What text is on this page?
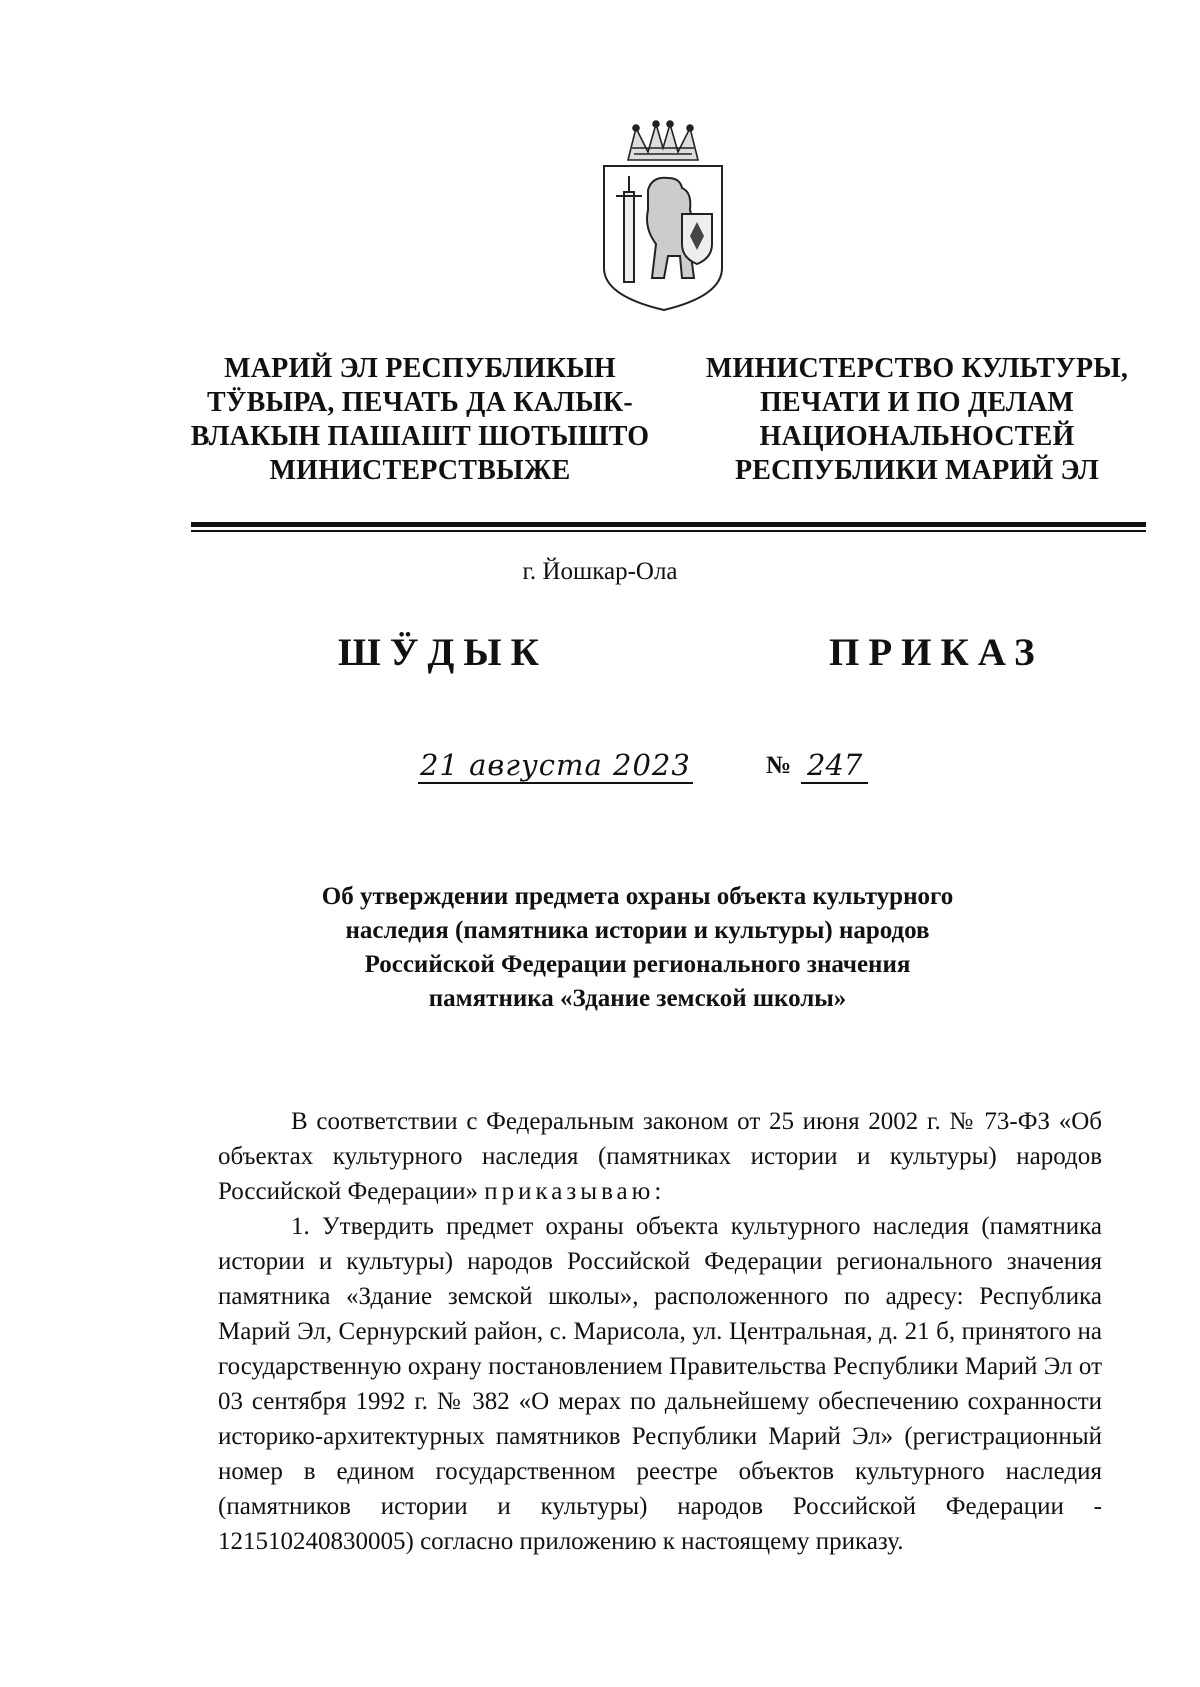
МАРИЙ ЭЛ РЕСПУБЛИКЫН
ТӰВЫРА, ПЕЧАТЬ ДА КАЛЫК-
ВЛАКЫН ПАШАШТ ШОТЫШТО
МИНИСТЕРСТВЫЖЕ
МИНИСТЕРСТВО КУЛЬТУРЫ,
ПЕЧАТИ И ПО ДЕЛАМ
НАЦИОНАЛЬНОСТЕЙ
РЕСПУБЛИКИ МАРИЙ ЭЛ
г. Йошкар-Ола
ШӰДЫК	ПРИКАЗ
21 августа 2023	№ 247
Об утверждении предмета охраны объекта культурного
наследия (памятника истории и культуры) народов
Российской Федерации регионального значения
памятника «Здание земской школы»

В соответствии с Федеральным законом от 25 июня 2002 г. № 73-ФЗ «Об объектах культурного наследия (памятниках истории и культуры) народов Российской Федерации» приказываю:

1. Утвердить предмет охраны объекта культурного наследия (памятника истории и культуры) народов Российской Федерации регионального значения памятника «Здание земской школы», расположенного по адресу: Республика Марий Эл, Сернурский район, с. Марисола, ул. Центральная, д. 21 б, принятого на государственную охрану постановлением Правительства Республики Марий Эл от 03 сентября 1992 г. № 382 «О мерах по дальнейшему обеспечению сохранности историко-архитектурных памятников Республики Марий Эл» (регистрационный номер в едином государственном реестре объектов культурного наследия (памятников истории и культуры) народов Российской Федерации - 121510240830005) согласно приложению к настоящему приказу.
